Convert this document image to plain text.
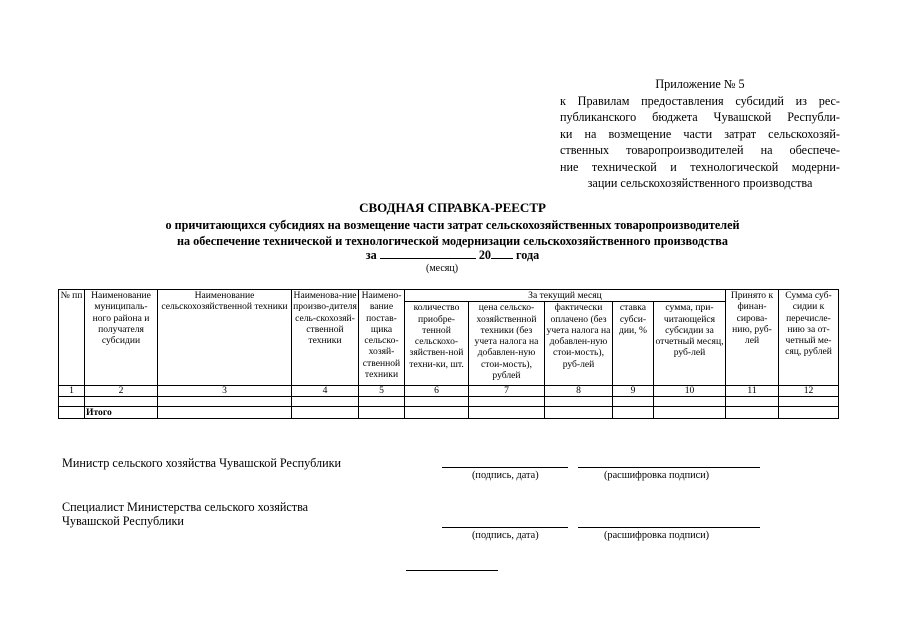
Приложение № 5
к Правилам предоставления субсидий из рес-
публиканского бюджета Чувашской Республи-
ки на возмещение части затрат сельскохозяй-
ственных товаропроизводителей на обеспече-
ние технической и технологической модерни-
зации сельскохозяйственного производства
СВОДНАЯ СПРАВКА-РЕЕСТР
о причитающихся субсидиях на возмещение части затрат сельскохозяйственных товаропроизводителей
на обеспечение технической и технологической модернизации сельскохозяйственного производства
за	20 года
(месяц)
№ пп	Наименование муниципаль-ного района и получателя субсидии	Наименование сельскохозяйственной техники	Наименова-ние произво-дителя сель-скохозяй-ственной техники	Наимено-вание постав-щика сельско-хозяй-ственной техники	За текущий месяц					Принято к финан-сирова-нию, руб-лей	Сумма суб-сидии к перечисле-нию за от-четный ме-сяц, рублей
					количество приобре-тенной сельскохо-зяйствен-ной техни-ки, шт.	цена сельско-хозяйственной техники (без учета налога на добавлен-ную стои-мость), рублей	фактически оплачено (без учета налога на добавлен-ную стои-мость), руб-лей	ставка субси-дии, %	сумма, при-читающейся субсидии за отчетный месяц, руб-лей		
1	2	3	4	5	6	7	8	9	10	11	12

	Итого										
Министр сельского хозяйства Чувашской Республики
(подпись, дата)	(расшифровка подписи)
Специалист Министерства сельского хозяйства
Чувашской Республики
(подпись, дата)	(расшифровка подписи)
